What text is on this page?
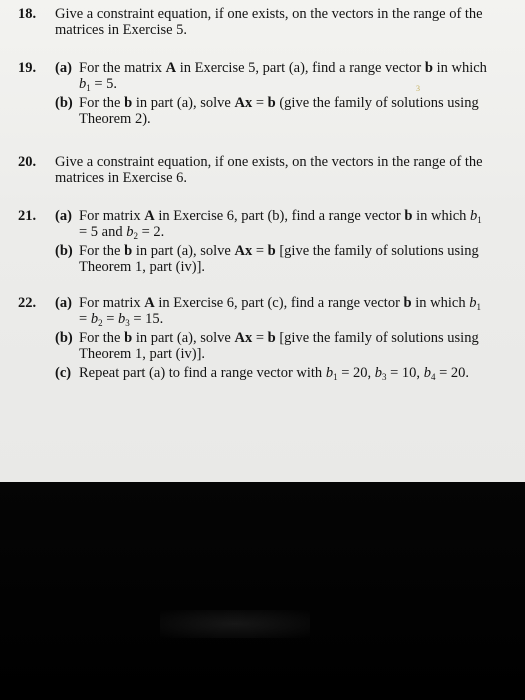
18.	Give a constraint equation, if one exists, on the vectors in the range of the matrices in Exercise 5.
19.	(a) For the matrix A in Exercise 5, part (a), find a range vector b in which $b_1 = 5$.
(b) For the b in part (a), solve Ax = b (give the family of solutions using Theorem 2).
3
20.	Give a constraint equation, if one exists, on the vectors in the range of the matrices in Exercise 6.
21.	(a) For matrix A in Exercise 6, part (b), find a range vector b in which $b_1 = 5$ and $b_2 = 2$.
(b) For the b in part (a), solve Ax = b [give the family of solutions using Theorem 1, part (iv)].
22.	(a) For matrix A in Exercise 6, part (c), find a range vector b in which $b_1 = b_2 = b_3 = 15$.
(b) For the b in part (a), solve Ax = b [give the family of solutions using Theorem 1, part (iv)].
(c) Repeat part (a) to find a range vector with $b_1 = 20$, $b_3 = 10$, $b_4 = 20$.
